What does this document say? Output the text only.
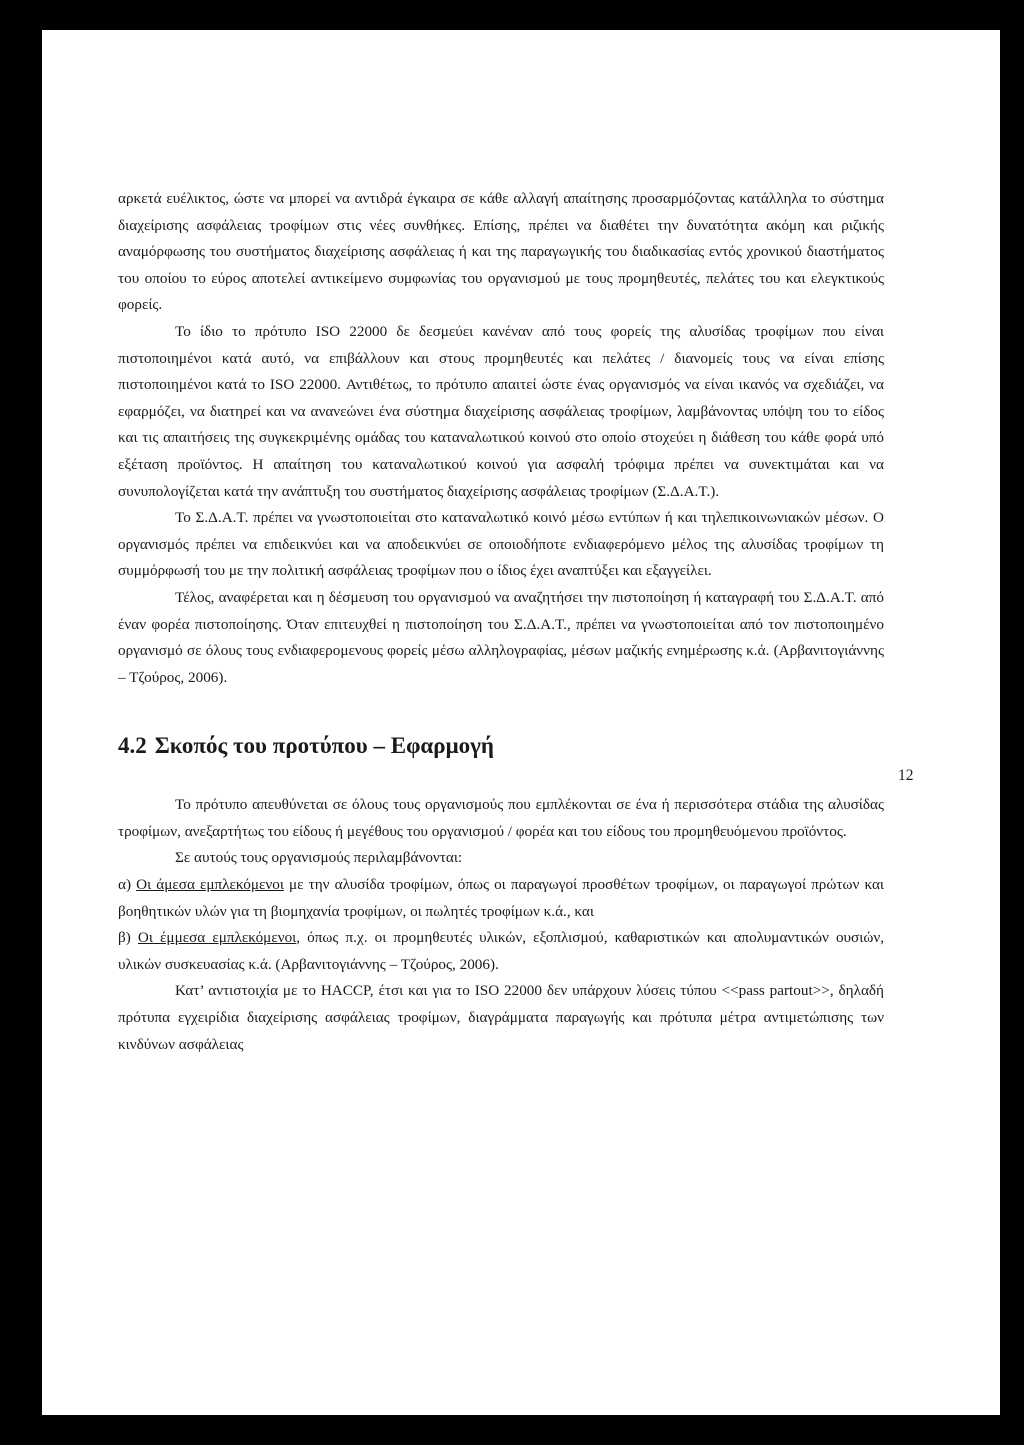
αρκετά ευέλικτος, ώστε να μπορεί να αντιδρά έγκαιρα σε κάθε αλλαγή απαίτησης προσαρμόζοντας κατάλληλα το σύστημα διαχείρισης ασφάλειας τροφίμων στις νέες συνθήκες. Επίσης, πρέπει να διαθέτει την δυνατότητα ακόμη και ριζικής αναμόρφωσης του συστήματος διαχείρισης ασφάλειας ή και της παραγωγικής του διαδικασίας εντός χρονικού διαστήματος του οποίου το εύρος αποτελεί αντικείμενο συμφωνίας του οργανισμού με τους προμηθευτές, πελάτες του και ελεγκτικούς φορείς.

Το ίδιο το πρότυπο ISO 22000 δε δεσμεύει κανέναν από τους φορείς της αλυσίδας τροφίμων που είναι πιστοποιημένοι κατά αυτό, να επιβάλλουν και στους προμηθευτές και πελάτες / διανομείς τους να είναι επίσης πιστοποιημένοι κατά το ISO 22000. Αντιθέτως, το πρότυπο απαιτεί ώστε ένας οργανισμός να είναι ικανός να σχεδιάζει, να εφαρμόζει, να διατηρεί και να ανανεώνει ένα σύστημα διαχείρισης ασφάλειας τροφίμων, λαμβάνοντας υπόψη του το είδος και τις απαιτήσεις της συγκεκριμένης ομάδας του καταναλωτικού κοινού στο οποίο στοχεύει η διάθεση του κάθε φορά υπό εξέταση προϊόντος. Η απαίτηση του καταναλωτικού κοινού για ασφαλή τρόφιμα πρέπει να συνεκτιμάται και να συνυπολογίζεται κατά την ανάπτυξη του συστήματος διαχείρισης ασφάλειας τροφίμων (Σ.Δ.Α.Τ.).

Το Σ.Δ.Α.Τ. πρέπει να γνωστοποιείται στο καταναλωτικό κοινό μέσω εντύπων ή και τηλεπικοινωνιακών μέσων. Ο οργανισμός πρέπει να επιδεικνύει και να αποδεικνύει σε οποιοδήποτε ενδιαφερόμενο μέλος της αλυσίδας τροφίμων τη συμμόρφωσή του με την πολιτική ασφάλειας τροφίμων που ο ίδιος έχει αναπτύξει και εξαγγείλει.

Τέλος, αναφέρεται και η δέσμευση του οργανισμού να αναζητήσει την πιστοποίηση ή καταγραφή του Σ.Δ.Α.Τ. από έναν φορέα πιστοποίησης. Όταν επιτευχθεί η πιστοποίηση του Σ.Δ.Α.Τ., πρέπει να γνωστοποιείται από τον πιστοποιημένο οργανισμό σε όλους τους ενδιαφερομενους φορείς μέσω αλληλογραφίας, μέσων μαζικής ενημέρωσης κ.ά. (Αρβανιτογιάννης – Τζούρος, 2006).

4.2 Σκοπός του προτύπου – Εφαρμογή

Το πρότυπο απευθύνεται σε όλους τους οργανισμούς που εμπλέκονται σε ένα ή περισσότερα στάδια της αλυσίδας τροφίμων, ανεξαρτήτως του είδους ή μεγέθους του οργανισμού / φορέα και του είδους του προμηθευόμενου προϊόντος.

Σε αυτούς τους οργανισμούς περιλαμβάνονται:

α) Οι άμεσα εμπλεκόμενοι με την αλυσίδα τροφίμων, όπως οι παραγωγοί προσθέτων τροφίμων, οι παραγωγοί πρώτων και βοηθητικών υλών για τη βιομηχανία τροφίμων, οι πωλητές τροφίμων κ.ά., και

β) Οι έμμεσα εμπλεκόμενοι, όπως π.χ. οι προμηθευτές υλικών, εξοπλισμού, καθαριστικών και απολυμαντικών ουσιών, υλικών συσκευασίας κ.ά. (Αρβανιτογιάννης – Τζούρος, 2006).

Κατ’ αντιστοιχία με το HACCP, έτσι και για το ISO 22000 δεν υπάρχουν λύσεις τύπου <<pass partout>>, δηλαδή πρότυπα εγχειρίδια διαχείρισης ασφάλειας τροφίμων, διαγράμματα παραγωγής και πρότυπα μέτρα αντιμετώπισης των κινδύνων ασφάλειας

12
